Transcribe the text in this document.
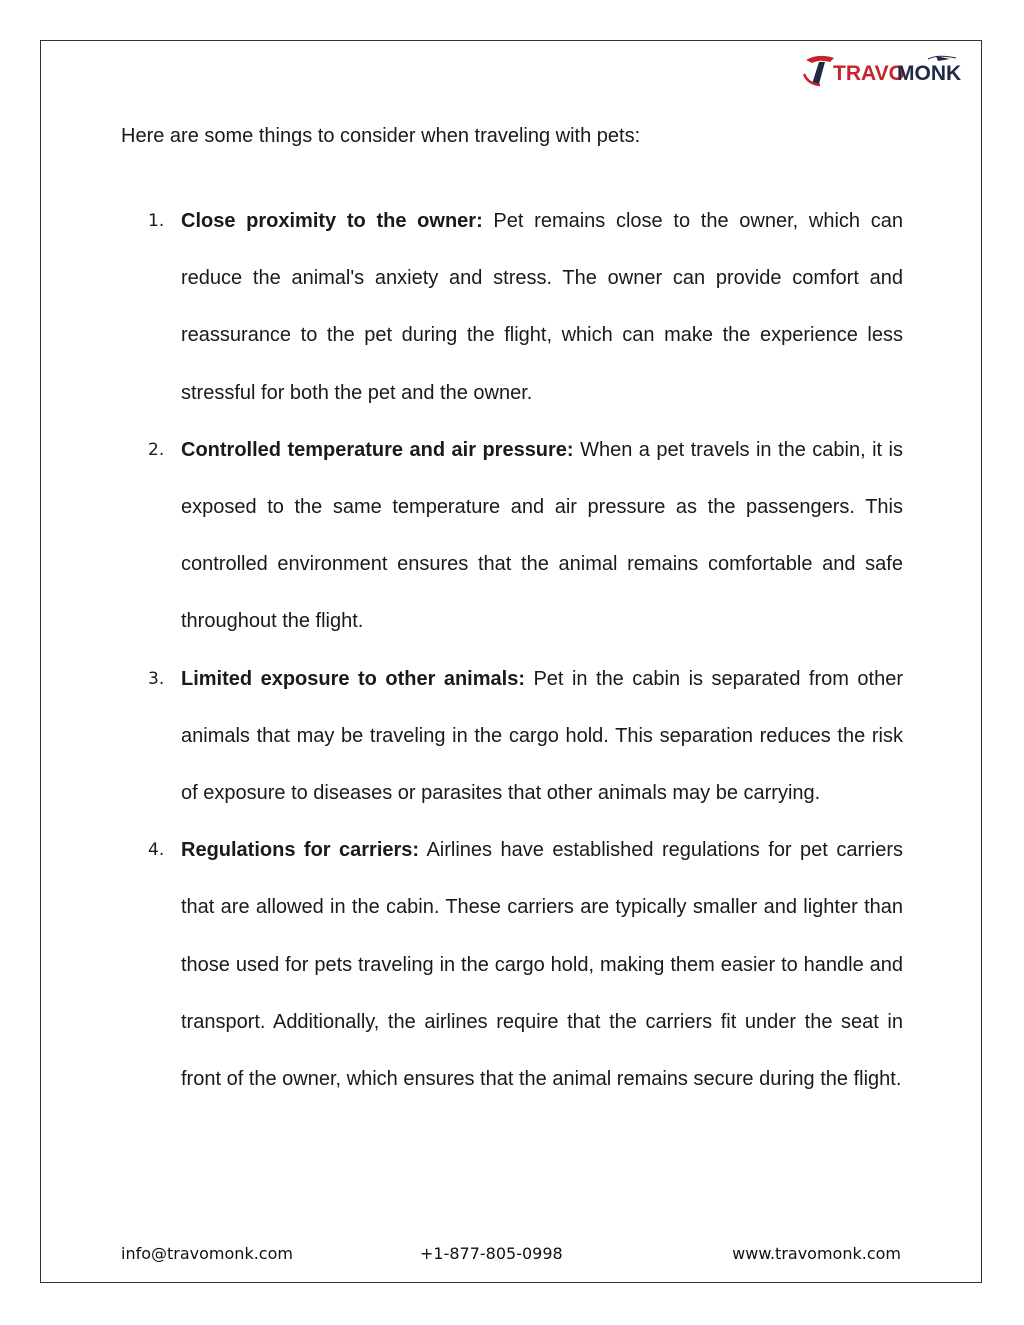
TRAVO
MONK

Here are some things to consider when traveling with pets:

1. Close proximity to the owner: Pet remains close to the owner, which can reduce the animal's anxiety and stress. The owner can provide comfort and reassurance to the pet during the flight, which can make the experience less stressful for both the pet and the owner.
2. Controlled temperature and air pressure: When a pet travels in the cabin, it is exposed to the same temperature and air pressure as the passengers. This controlled environment ensures that the animal remains comfortable and safe throughout the flight.
3. Limited exposure to other animals: Pet in the cabin is separated from other animals that may be traveling in the cargo hold. This separation reduces the risk of exposure to diseases or parasites that other animals may be carrying.
4. Regulations for carriers: Airlines have established regulations for pet carriers that are allowed in the cabin. These carriers are typically smaller and lighter than those used for pets traveling in the cargo hold, making them easier to handle and transport. Additionally, the airlines require that the carriers fit under the seat in front of the owner, which ensures that the animal remains secure during the flight.
info@travomonk.com	+1-877-805-0998	www.travomonk.com
